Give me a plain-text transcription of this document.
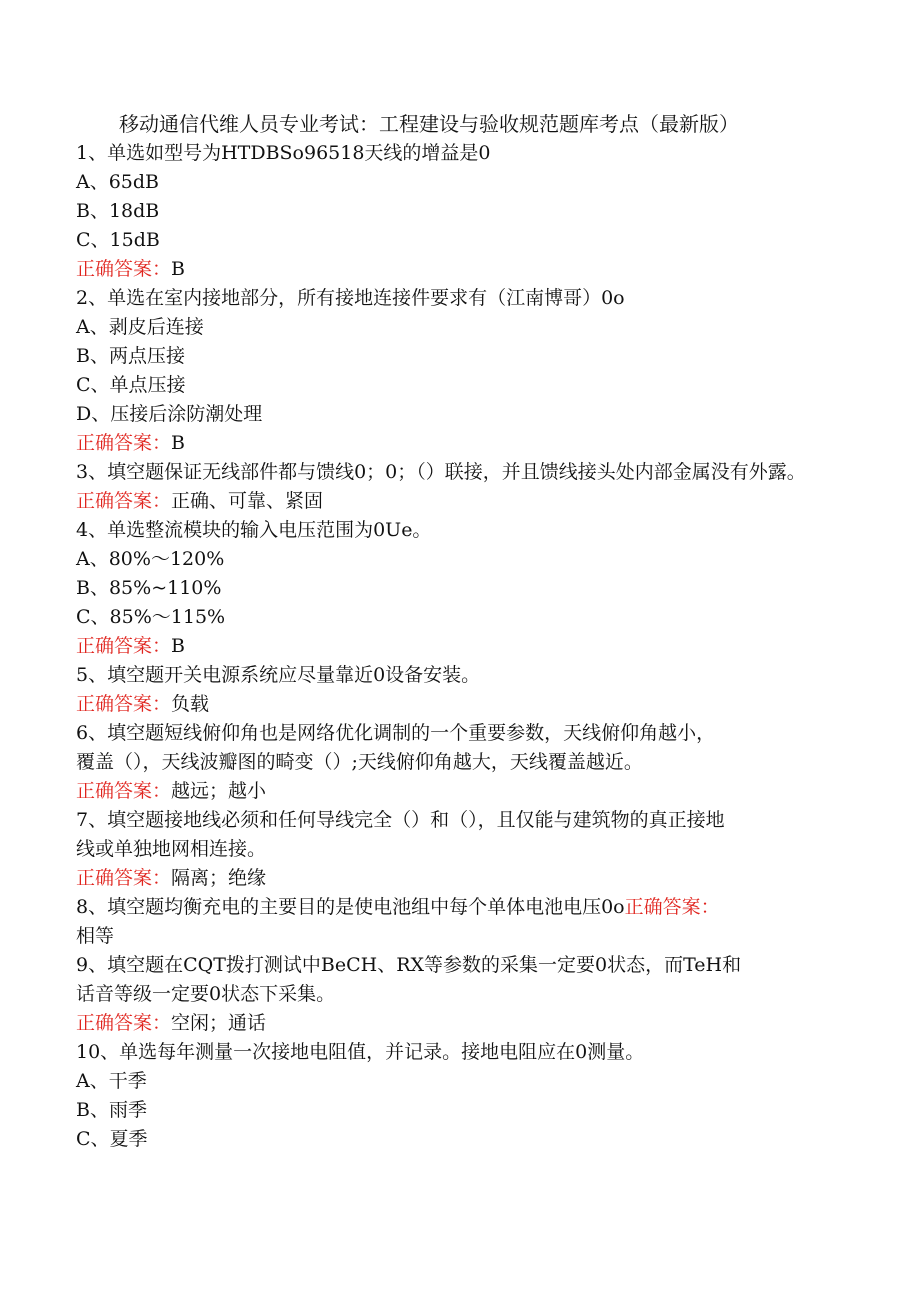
移动通信代维人员专业考试：工程建设与验收规范题库考点（最新版）
1、单选如型号为HTDBSo96518天线的增益是0
A、65dB
B、18dB
C、15dB
正确答案：B
2、单选在室内接地部分，所有接地连接件要求有（江南博哥）0o
A、剥皮后连接
B、两点压接
C、单点压接
D、压接后涂防潮处理
正确答案：B
3、填空题保证无线部件都与馈线0；0；（）联接，并且馈线接头处内部金属没有外露。
正确答案：正确、可靠、紧固
4、单选整流模块的输入电压范围为0Ue。
A、80%～120%
B、85%~110%
C、85%～115%
正确答案：B
5、填空题开关电源系统应尽量靠近0设备安装。
正确答案：负载
6、填空题短线俯仰角也是网络优化调制的一个重要参数，天线俯仰角越小，
覆盖（），天线波瓣图的畸变（）;天线俯仰角越大，天线覆盖越近。
正确答案：越远；越小
7、填空题接地线必须和任何导线完全（）和（），且仅能与建筑物的真正接地
线或单独地网相连接。
正确答案：隔离；绝缘
8、填空题均衡充电的主要目的是使电池组中每个单体电池电压0o正确答案：
相等
9、填空题在CQT拨打测试中BeCH、RX等参数的采集一定要0状态，而TeH和
话音等级一定要0状态下采集。
正确答案：空闲；通话
10、单选每年测量一次接地电阻值，并记录。接地电阻应在0测量。
A、干季
B、雨季
C、夏季
